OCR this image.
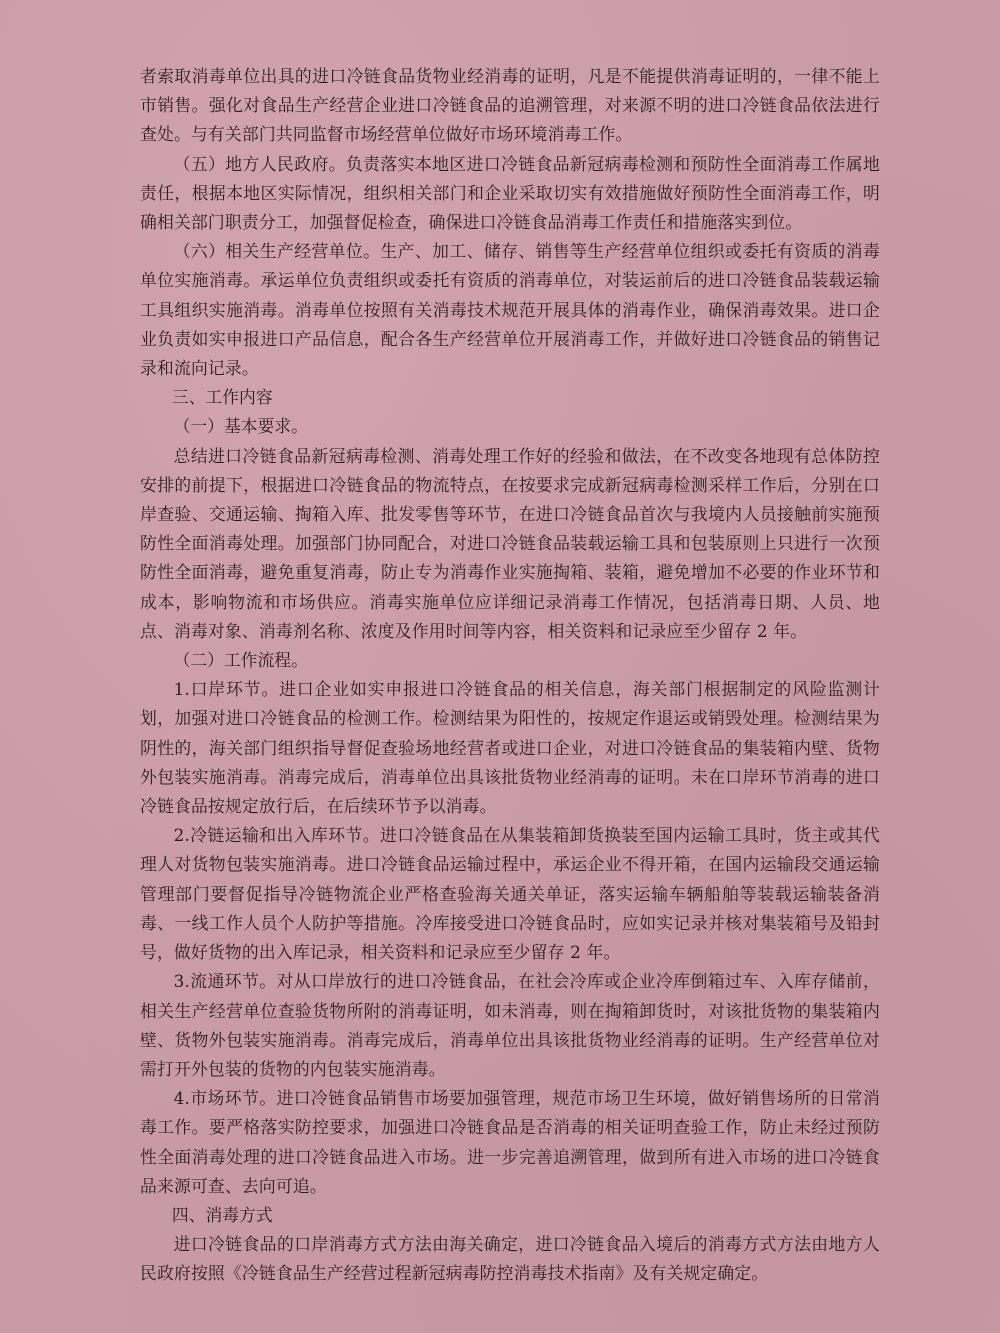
者索取消毒单位出具的进口冷链食品货物业经消毒的证明，凡是不能提供消毒证明的，一律不能上市销售。强化对食品生产经营企业进口冷链食品的追溯管理，对来源不明的进口冷链食品依法进行查处。与有关部门共同监督市场经营单位做好市场环境消毒工作。

（五）地方人民政府。负责落实本地区进口冷链食品新冠病毒检测和预防性全面消毒工作属地责任，根据本地区实际情况，组织相关部门和企业采取切实有效措施做好预防性全面消毒工作，明确相关部门职责分工，加强督促检查，确保进口冷链食品消毒工作责任和措施落实到位。

（六）相关生产经营单位。生产、加工、储存、销售等生产经营单位组织或委托有资质的消毒单位实施消毒。承运单位负责组织或委托有资质的消毒单位，对装运前后的进口冷链食品装载运输工具组织实施消毒。消毒单位按照有关消毒技术规范开展具体的消毒作业，确保消毒效果。进口企业负责如实申报进口产品信息，配合各生产经营单位开展消毒工作，并做好进口冷链食品的销售记录和流向记录。

三、工作内容

（一）基本要求。

总结进口冷链食品新冠病毒检测、消毒处理工作好的经验和做法，在不改变各地现有总体防控安排的前提下，根据进口冷链食品的物流特点，在按要求完成新冠病毒检测采样工作后，分别在口岸查验、交通运输、掏箱入库、批发零售等环节，在进口冷链食品首次与我境内人员接触前实施预防性全面消毒处理。加强部门协同配合，对进口冷链食品装载运输工具和包装原则上只进行一次预防性全面消毒，避免重复消毒，防止专为消毒作业实施掏箱、装箱，避免增加不必要的作业环节和成本，影响物流和市场供应。消毒实施单位应详细记录消毒工作情况，包括消毒日期、人员、地点、消毒对象、消毒剂名称、浓度及作用时间等内容，相关资料和记录应至少留存 2 年。

（二）工作流程。

1.口岸环节。进口企业如实申报进口冷链食品的相关信息，海关部门根据制定的风险监测计划，加强对进口冷链食品的检测工作。检测结果为阳性的，按规定作退运或销毁处理。检测结果为阴性的，海关部门组织指导督促查验场地经营者或进口企业，对进口冷链食品的集装箱内壁、货物外包装实施消毒。消毒完成后，消毒单位出具该批货物业经消毒的证明。未在口岸环节消毒的进口冷链食品按规定放行后，在后续环节予以消毒。

2.冷链运输和出入库环节。进口冷链食品在从集装箱卸货换装至国内运输工具时，货主或其代理人对货物包装实施消毒。进口冷链食品运输过程中，承运企业不得开箱，在国内运输段交通运输管理部门要督促指导冷链物流企业严格查验海关通关单证，落实运输车辆船舶等装载运输装备消毒、一线工作人员个人防护等措施。冷库接受进口冷链食品时，应如实记录并核对集装箱号及铅封号，做好货物的出入库记录，相关资料和记录应至少留存 2 年。

3.流通环节。对从口岸放行的进口冷链食品，在社会冷库或企业冷库倒箱过车、入库存储前，相关生产经营单位查验货物所附的消毒证明，如未消毒，则在掏箱卸货时，对该批货物的集装箱内壁、货物外包装实施消毒。消毒完成后，消毒单位出具该批货物业经消毒的证明。生产经营单位对需打开外包装的货物的内包装实施消毒。

4.市场环节。进口冷链食品销售市场要加强管理，规范市场卫生环境，做好销售场所的日常消毒工作。要严格落实防控要求，加强进口冷链食品是否消毒的相关证明查验工作，防止未经过预防性全面消毒处理的进口冷链食品进入市场。进一步完善追溯管理，做到所有进入市场的进口冷链食品来源可查、去向可追。

四、消毒方式

进口冷链食品的口岸消毒方式方法由海关确定，进口冷链食品入境后的消毒方式方法由地方人民政府按照《冷链食品生产经营过程新冠病毒防控消毒技术指南》及有关规定确定。
